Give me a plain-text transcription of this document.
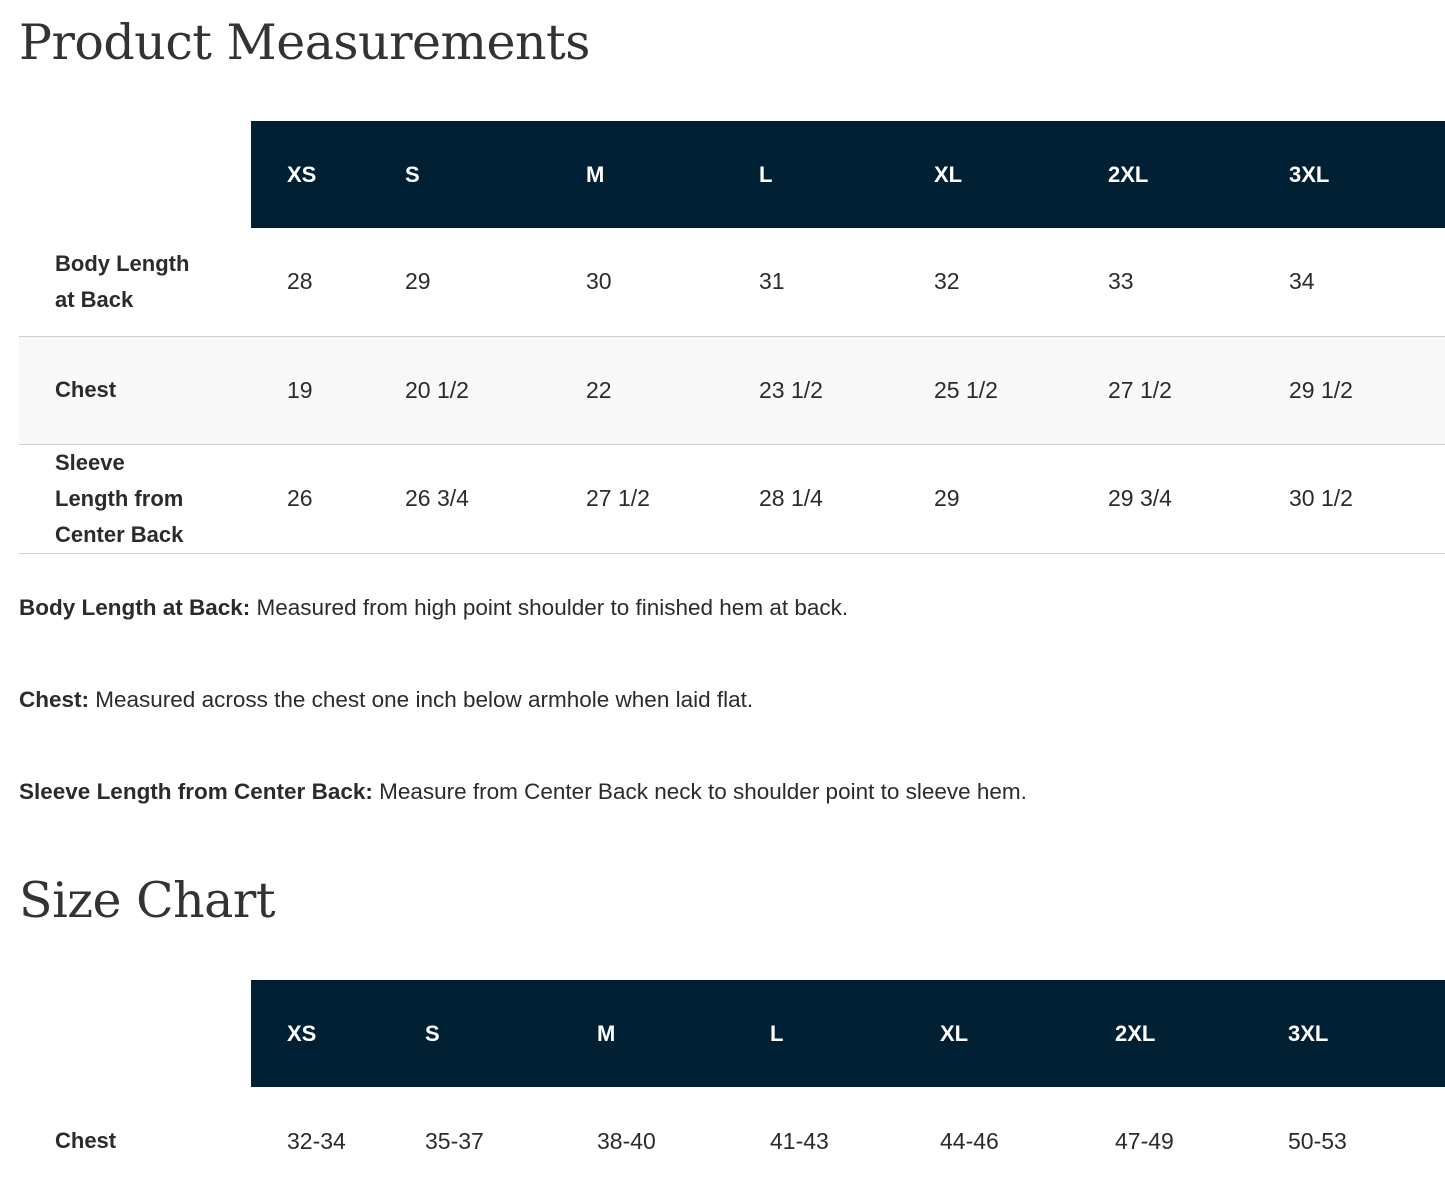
Product Measurements
	XS	S	M	L	XL	2XL	3XL
Body Length at Back	28	29	30	31	32	33	34
Chest	19	20 1/2	22	23 1/2	25 1/2	27 1/2	29 1/2
Sleeve Length from Center Back	26	26 3/4	27 1/2	28 1/4	29	29 3/4	30 1/2

Body Length at Back: Measured from high point shoulder to finished hem at back.

Chest: Measured across the chest one inch below armhole when laid flat.

Sleeve Length from Center Back: Measure from Center Back neck to shoulder point to sleeve hem.

Size Chart
	XS	S	M	L	XL	2XL	3XL
Chest	32-34	35-37	38-40	41-43	44-46	47-49	50-53
